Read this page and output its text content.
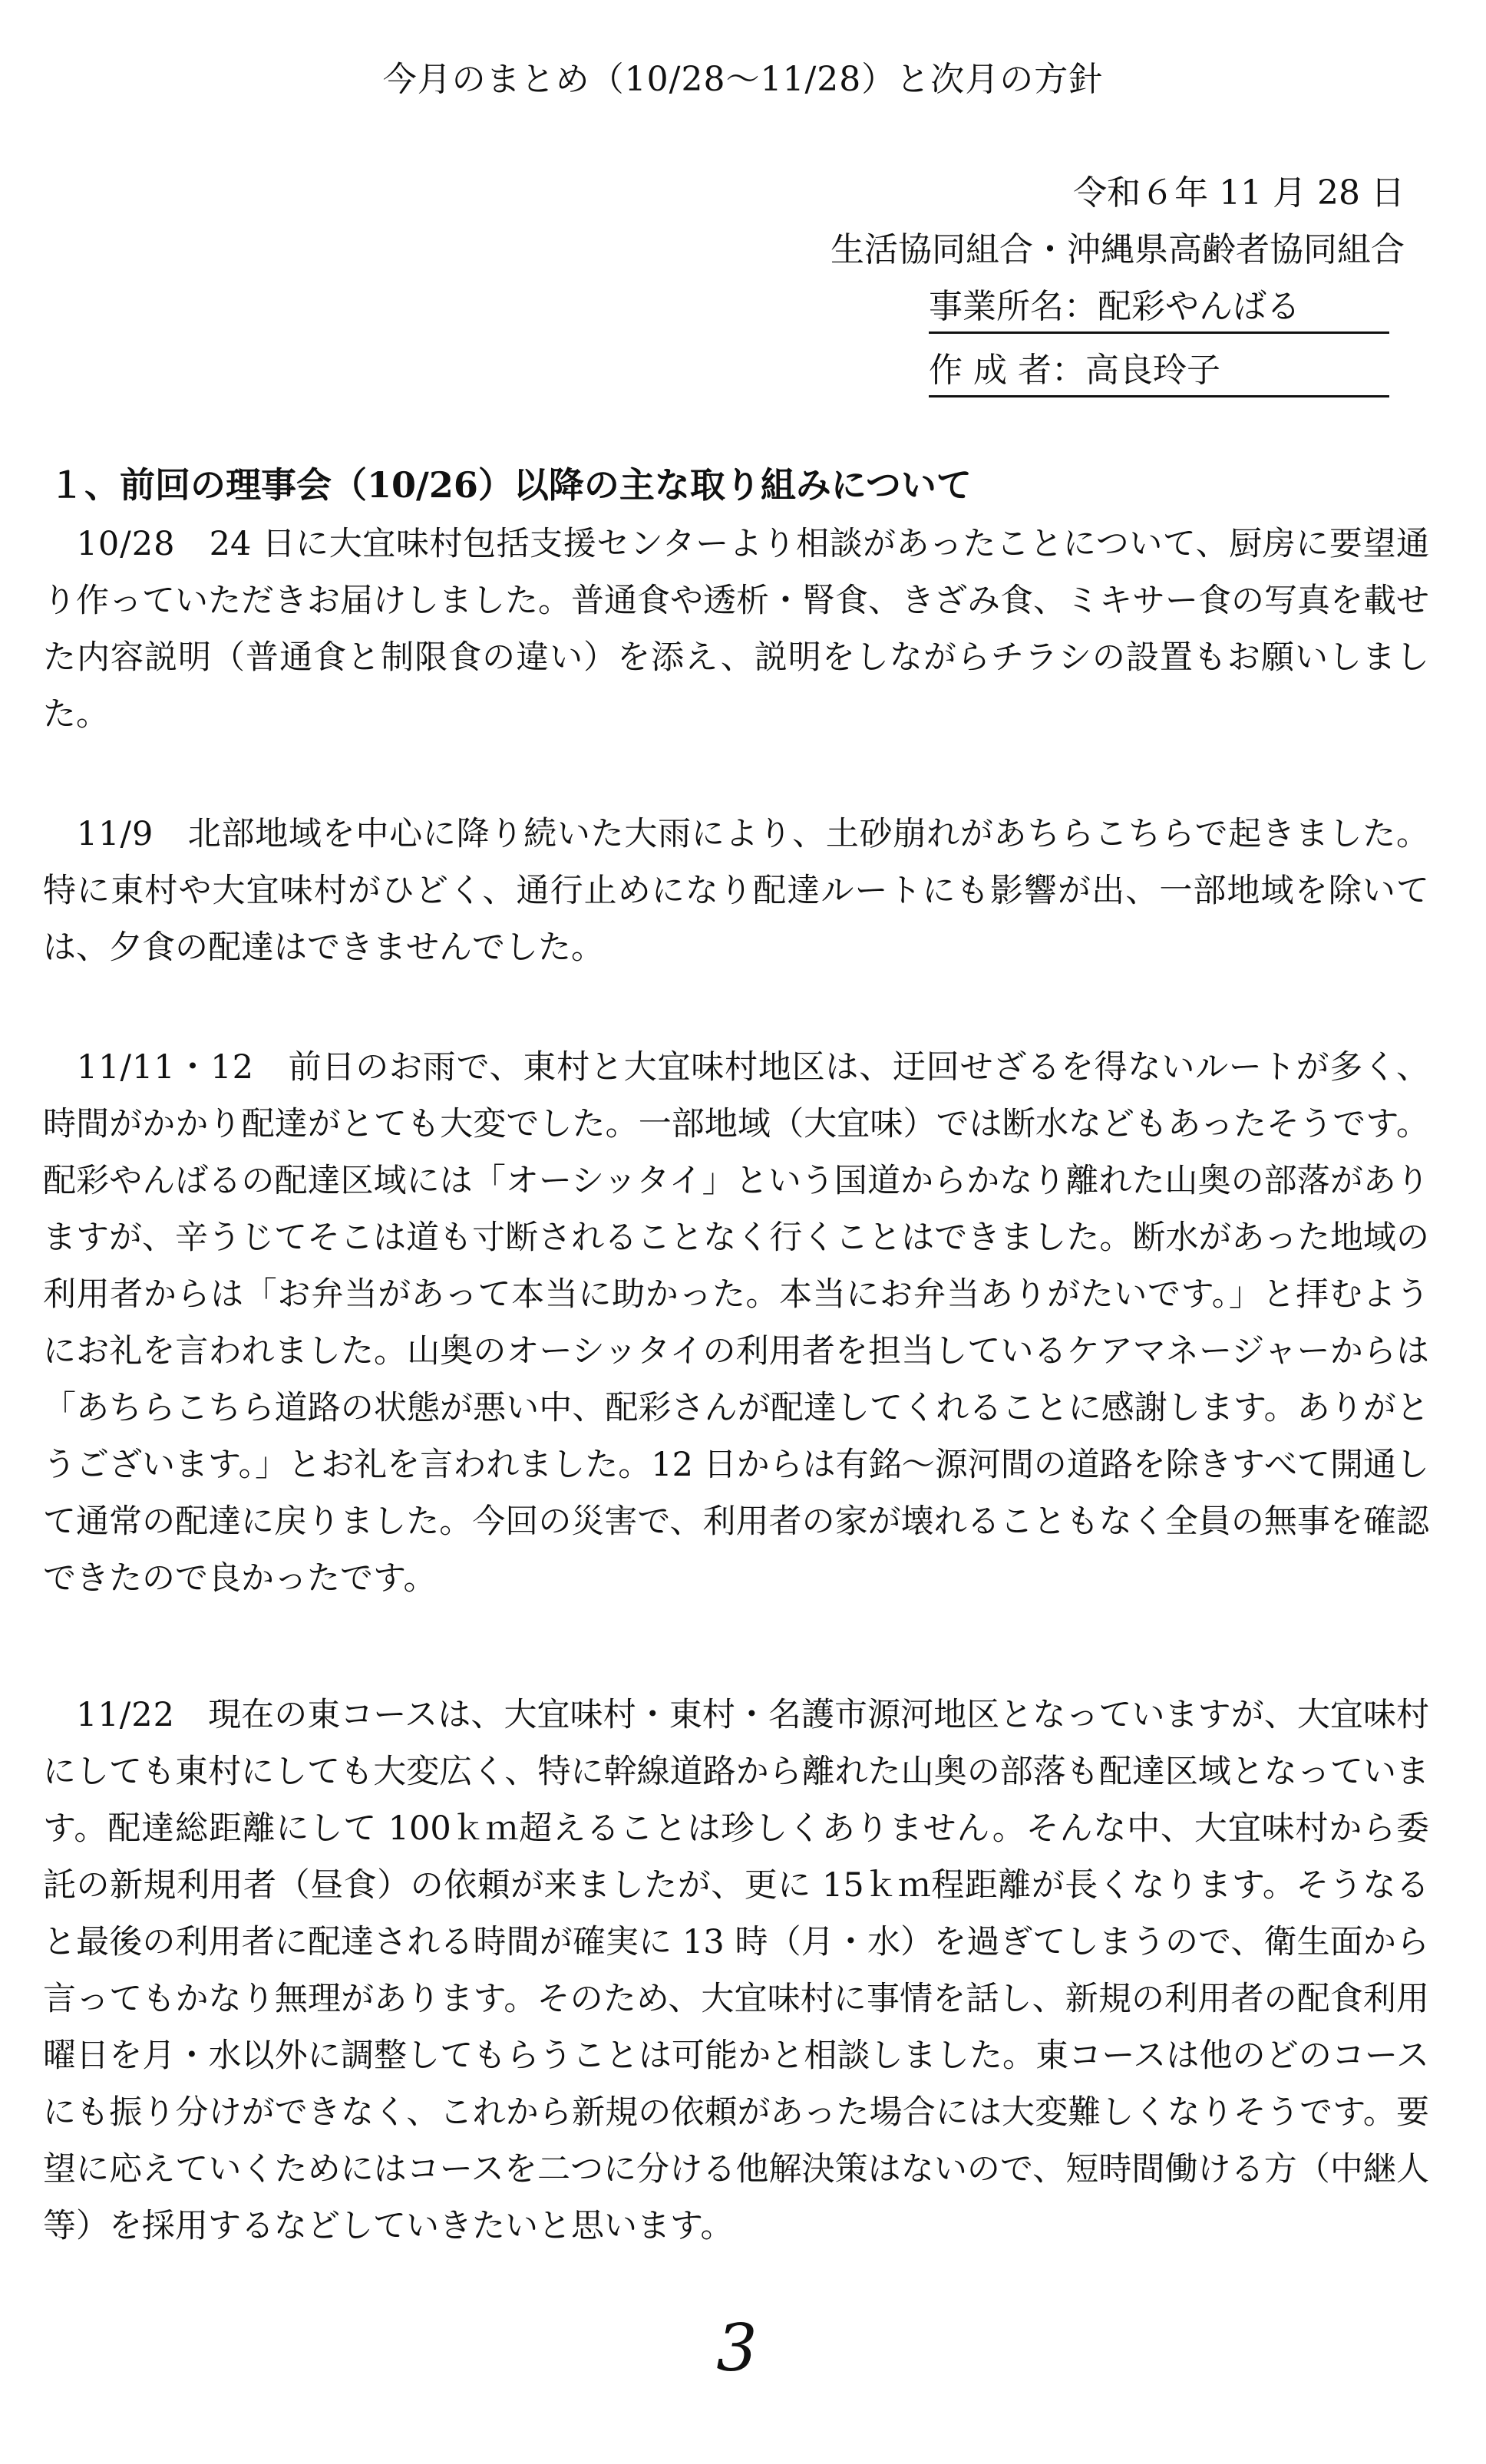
今月のまとめ（10/28～11/28）と次月の方針
令和６年 11 月 28 日
生活協同組合・沖縄県高齢者協同組合
事業所名：配彩やんばる
作 成 者：高良玲子
１、前回の理事会（10/26）以降の主な取り組みについて

　10/28　 24 日に大宜味村包括支援センターより相談があったことについて、厨房に要望通り作っていただきお届けしました。普通食や透析・腎食、きざみ食、ミキサー食の写真を載せた内容説明（普通食と制限食の違い）を添え、説明をしながらチラシの設置もお願いしました。

　11/9　 北部地域を中心に降り続いた大雨により、土砂崩れがあちらこちらで起きました。特に東村や大宜味村がひどく、通行止めになり配達ルートにも影響が出、一部地域を除いては、夕食の配達はできませんでした。

　11/11・12　 前日のお雨で、東村と大宜味村地区は、迂回せざるを得ないルートが多く、時間がかかり配達がとても大変でした。一部地域（大宜味）では断水などもあったそうです。配彩やんばるの配達区域には「オーシッタイ」という国道からかなり離れた山奥の部落がありますが、辛うじてそこは道も寸断されることなく行くことはできました。断水があった地域の利用者からは「お弁当があって本当に助かった。本当にお弁当ありがたいです。」と拝むようにお礼を言われました。山奥のオーシッタイの利用者を担当しているケアマネージャーからは「あちらこちら道路の状態が悪い中、配彩さんが配達してくれることに感謝します。ありがとうございます。」とお礼を言われました。12 日からは有銘～源河間の道路を除きすべて開通して通常の配達に戻りました。今回の災害で、利用者の家が壊れることもなく全員の無事を確認できたので良かったです。

　11/22　 現在の東コースは、大宜味村・東村・名護市源河地区となっていますが、大宜味村にしても東村にしても大変広く、特に幹線道路から離れた山奥の部落も配達区域となっています。配達総距離にして 100ｋｍ超えることは珍しくありません。そんな中、大宜味村から委託の新規利用者（昼食）の依頼が来ましたが、更に 15ｋｍ程距離が長くなります。そうなると最後の利用者に配達される時間が確実に 13 時（月・水）を過ぎてしまうので、衛生面から言ってもかなり無理があります。そのため、大宜味村に事情を話し、新規の利用者の配食利用曜日を月・水以外に調整してもらうことは可能かと相談しました。東コースは他のどのコースにも振り分けができなく、これから新規の依頼があった場合には大変難しくなりそうです。要望に応えていくためにはコースを二つに分ける他解決策はないので、短時間働ける方（中継人等）を採用するなどしていきたいと思います。

3
